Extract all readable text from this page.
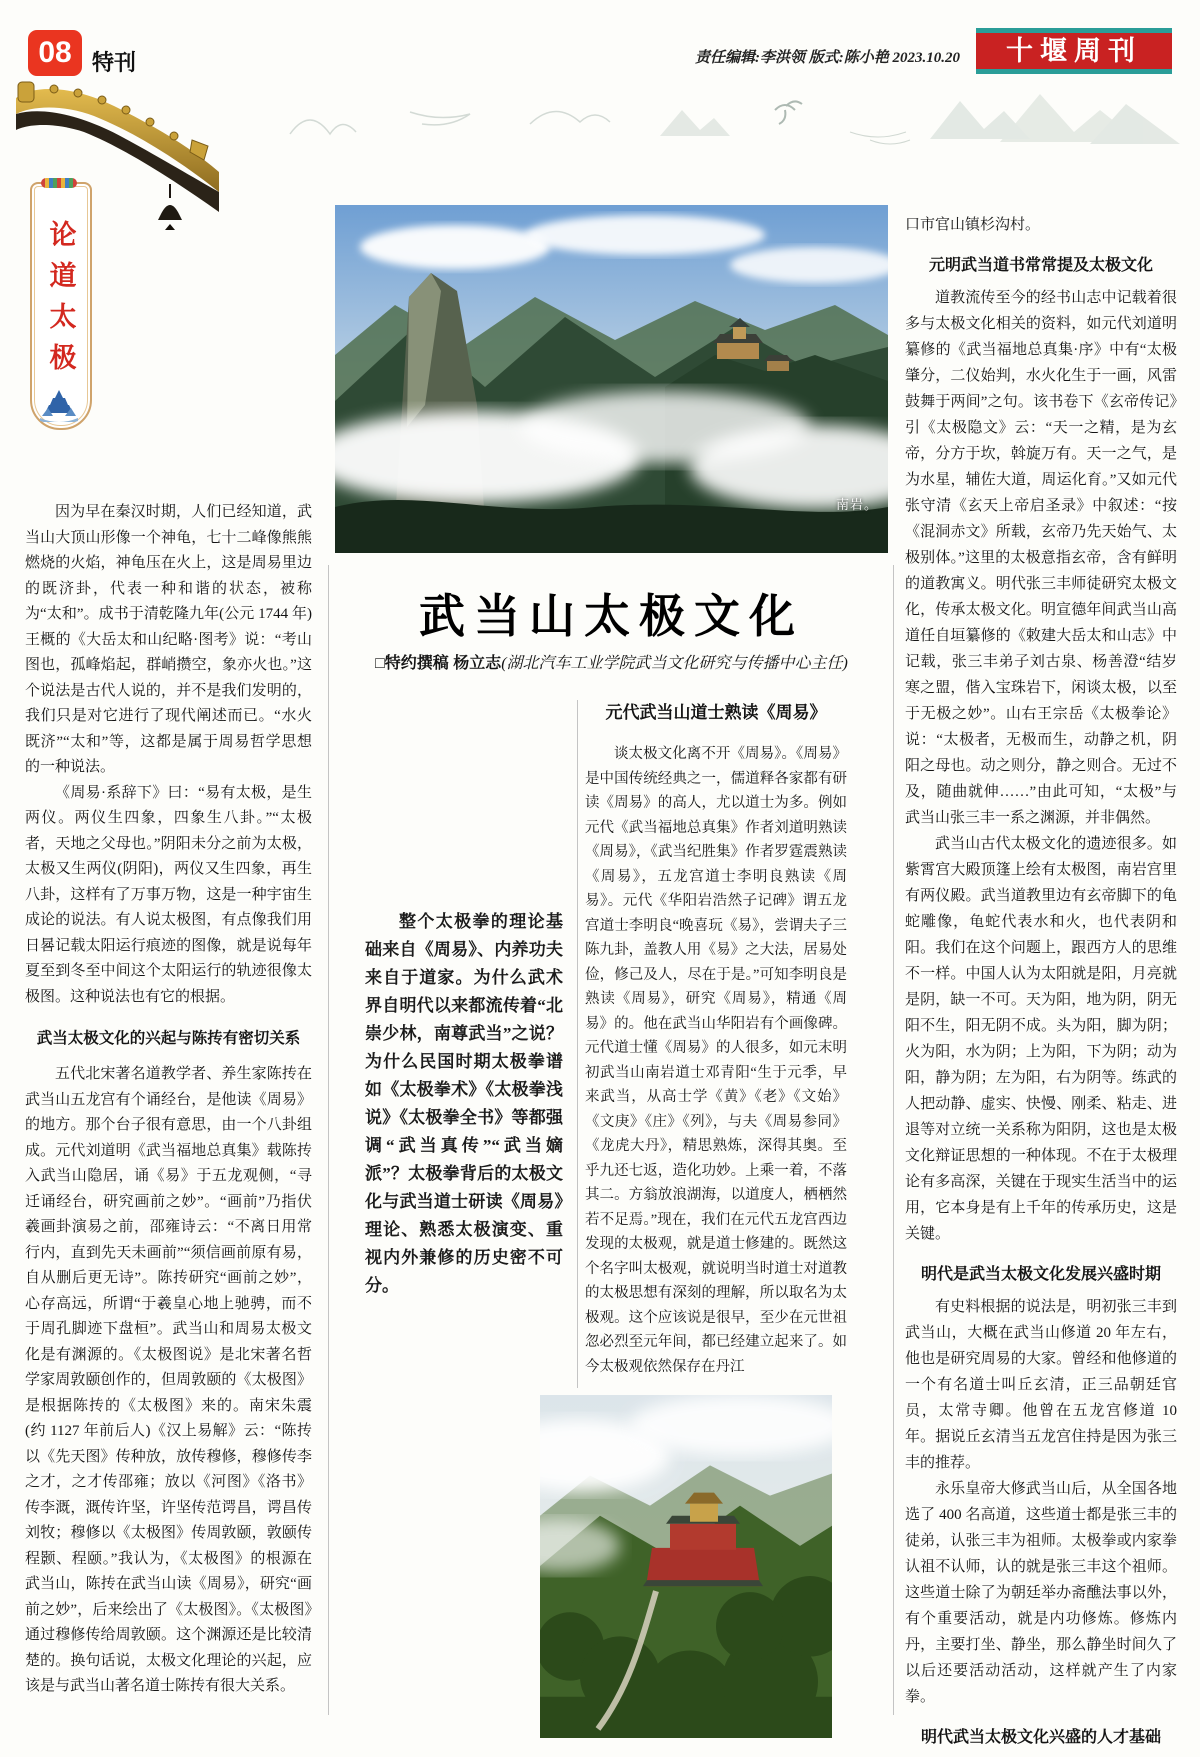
08 特刊	责任编辑:李洪领 版式:陈小艳 2023.10.20	十堰周刊
论道太极
南岩。
武当山太极文化
□特约撰稿 杨立志(湖北汽车工业学院武当文化研究与传播中心主任)

因为早在秦汉时期，人们已经知道，武当山大顶山形像一个神龟，七十二峰像熊熊燃烧的火焰，神龟压在火上，这是周易里边的既济卦，代表一种和谐的状态，被称为“太和”。成书于清乾隆九年(公元 1744 年)王概的《大岳太和山纪略·图考》说：“考山图也，孤峰焰起，群峭攒空，象亦火也。”这个说法是古代人说的，并不是我们发明的，我们只是对它进行了现代阐述而已。“水火既济”“太和”等，这都是属于周易哲学思想的一种说法。

《周易·系辞下》曰：“易有太极，是生两仪。两仪生四象，四象生八卦。”“太极者，天地之父母也。”阴阳未分之前为太极，太极又生两仪(阴阳)，两仪又生四象，再生八卦，这样有了万事万物，这是一种宇宙生成论的说法。有人说太极图，有点像我们用日晷记载太阳运行痕迹的图像，就是说每年夏至到冬至中间这个太阳运行的轨迹很像太极图。这种说法也有它的根据。

武当太极文化的兴起与陈抟有密切关系

五代北宋著名道教学者、养生家陈抟在武当山五龙宫有个诵经台，是他读《周易》的地方。那个台子很有意思，由一个八卦组成。元代刘道明《武当福地总真集》载陈抟入武当山隐居，诵《易》于五龙观侧，“寻迁诵经台，研究画前之妙”。“画前”乃指伏羲画卦演易之前，邵雍诗云：“不离日用常行内，直到先天未画前”“须信画前原有易，自从删后更无诗”。陈抟研究“画前之妙”，心存高远，所谓“于羲皇心地上驰骋，而不于周孔脚迹下盘桓”。武当山和周易太极文化是有渊源的。《太极图说》是北宋著名哲学家周敦颐创作的，但周敦颐的《太极图》是根据陈抟的《太极图》来的。南宋朱震(约 1127 年前后人)《汉上易解》云：“陈抟以《先天图》传种放，放传穆修，穆修传李之才，之才传邵雍；放以《河图》《洛书》传李溉，溉传许坚，许坚传范谔昌，谔昌传刘牧；穆修以《太极图》传周敦颐，敦颐传程颢、程颐。”我认为，《太极图》的根源在武当山，陈抟在武当山读《周易》，研究“画前之妙”，后来绘出了《太极图》。《太极图》通过穆修传给周敦颐。这个渊源还是比较清楚的。换句话说，太极文化理论的兴起，应该是与武当山著名道士陈抟有很大关系。

整个太极拳的理论基础来自《周易》、内养功夫来自于道家。为什么武术界自明代以来都流传着“北崇少林，南尊武当”之说？为什么民国时期太极拳谱如《太极拳术》《太极拳浅说》《太极拳全书》等都强调“武当真传”“武当嫡派”？太极拳背后的太极文化与武当道士研读《周易》理论、熟悉太极演变、重视内外兼修的历史密不可分。
元代武当山道士熟读《周易》

谈太极文化离不开《周易》。《周易》是中国传统经典之一，儒道释各家都有研读《周易》的高人，尤以道士为多。例如元代《武当福地总真集》作者刘道明熟读《周易》，《武当纪胜集》作者罗霆震熟读《周易》，五龙宫道士李明良熟读《周易》。元代《华阳岩浩然子记碑》谓五龙宫道士李明良“晚喜玩《易》，尝谓夫子三陈九卦，盖教人用《易》之大法，居易处俭，修己及人，尽在于是。”可知李明良是熟读《周易》，研究《周易》，精通《周易》的。他在武当山华阳岩有个画像碑。元代道士懂《周易》的人很多，如元末明初武当山南岩道士邓青阳“生于元季，早来武当，从高士学《黄》《老》《文始》《文庚》《庄》《列》，与夫《周易参同》《龙虎大丹》，精思熟炼，深得其奥。至乎九还七返，造化功妙。上乘一着，不落其二。方翁放浪湖海，以道度人，栖栖然若不足焉。”现在，我们在元代五龙宫西边发现的太极观，就是道士修建的。既然这个名字叫太极观，就说明当时道士对道教的太极思想有深刻的理解，所以取名为太极观。这个应该说是很早，至少在元世祖忽必烈至元年间，都已经建立起来了。如今太极观依然保存在丹江

口市官山镇杉沟村。

元明武当道书常常提及太极文化

道教流传至今的经书山志中记载着很多与太极文化相关的资料，如元代刘道明纂修的《武当福地总真集·序》中有“太极肇分，二仪始判，水火化生于一画，风雷鼓舞于两间”之句。该书卷下《玄帝传记》引《太极隐文》云：“天一之精，是为玄帝，分方于坎，斡旋万有。天一之气，是为水星，辅佐大道，周运化育。”又如元代张守清《玄天上帝启圣录》中叙述：“按《混洞赤文》所载，玄帝乃先天始气、太极别体。”这里的太极意指玄帝，含有鲜明的道教寓义。明代张三丰师徒研究太极文化，传承太极文化。明宣德年间武当山高道任自垣纂修的《敕建大岳太和山志》中记载，张三丰弟子刘古泉、杨善澄“结岁寒之盟，偕入宝珠岩下，闲谈太极，以至于无极之妙”。山右王宗岳《太极拳论》说：“太极者，无极而生，动静之机，阴阳之母也。动之则分，静之则合。无过不及，随曲就伸……”由此可知，“太极”与武当山张三丰一系之渊源，并非偶然。

武当山古代太极文化的遗迹很多。如紫霄宫大殿顶篷上绘有太极图，南岩宫里有两仪殿。武当道教里边有玄帝脚下的龟蛇雕像，龟蛇代表水和火，也代表阴和阳。我们在这个问题上，跟西方人的思维不一样。中国人认为太阳就是阳，月亮就是阴，缺一不可。天为阳，地为阴，阴无阳不生，阳无阴不成。头为阳，脚为阴；火为阳，水为阴；上为阳，下为阴；动为阳，静为阴；左为阳，右为阴等。练武的人把动静、虚实、快慢、刚柔、粘走、进退等对立统一关系称为阳阴，这也是太极文化辩证思想的一种体现。不在于太极理论有多高深，关键在于现实生活当中的运用，它本身是有上千年的传承历史，这是关键。

明代是武当太极文化发展兴盛时期

有史料根据的说法是，明初张三丰到武当山，大概在武当山修道 20 年左右，他也是研究周易的大家。曾经和他修道的一个有名道士叫丘玄清，正三品朝廷官员，太常寺卿。他曾在五龙宫修道 10 年。据说丘玄清当五龙宫住持是因为张三丰的推荐。

永乐皇帝大修武当山后，从全国各地选了 400 名高道，这些道士都是张三丰的徒弟，认张三丰为祖师。太极拳或内家拳认祖不认师，认的就是张三丰这个祖师。这些道士除了为朝廷举办斋醮法事以外，有个重要活动，就是内功修炼。修炼内丹，主要打坐、静坐，那么静坐时间久了以后还要活动活动，这样就产生了内家拳。

明代武当太极文化兴盛的人才基础
